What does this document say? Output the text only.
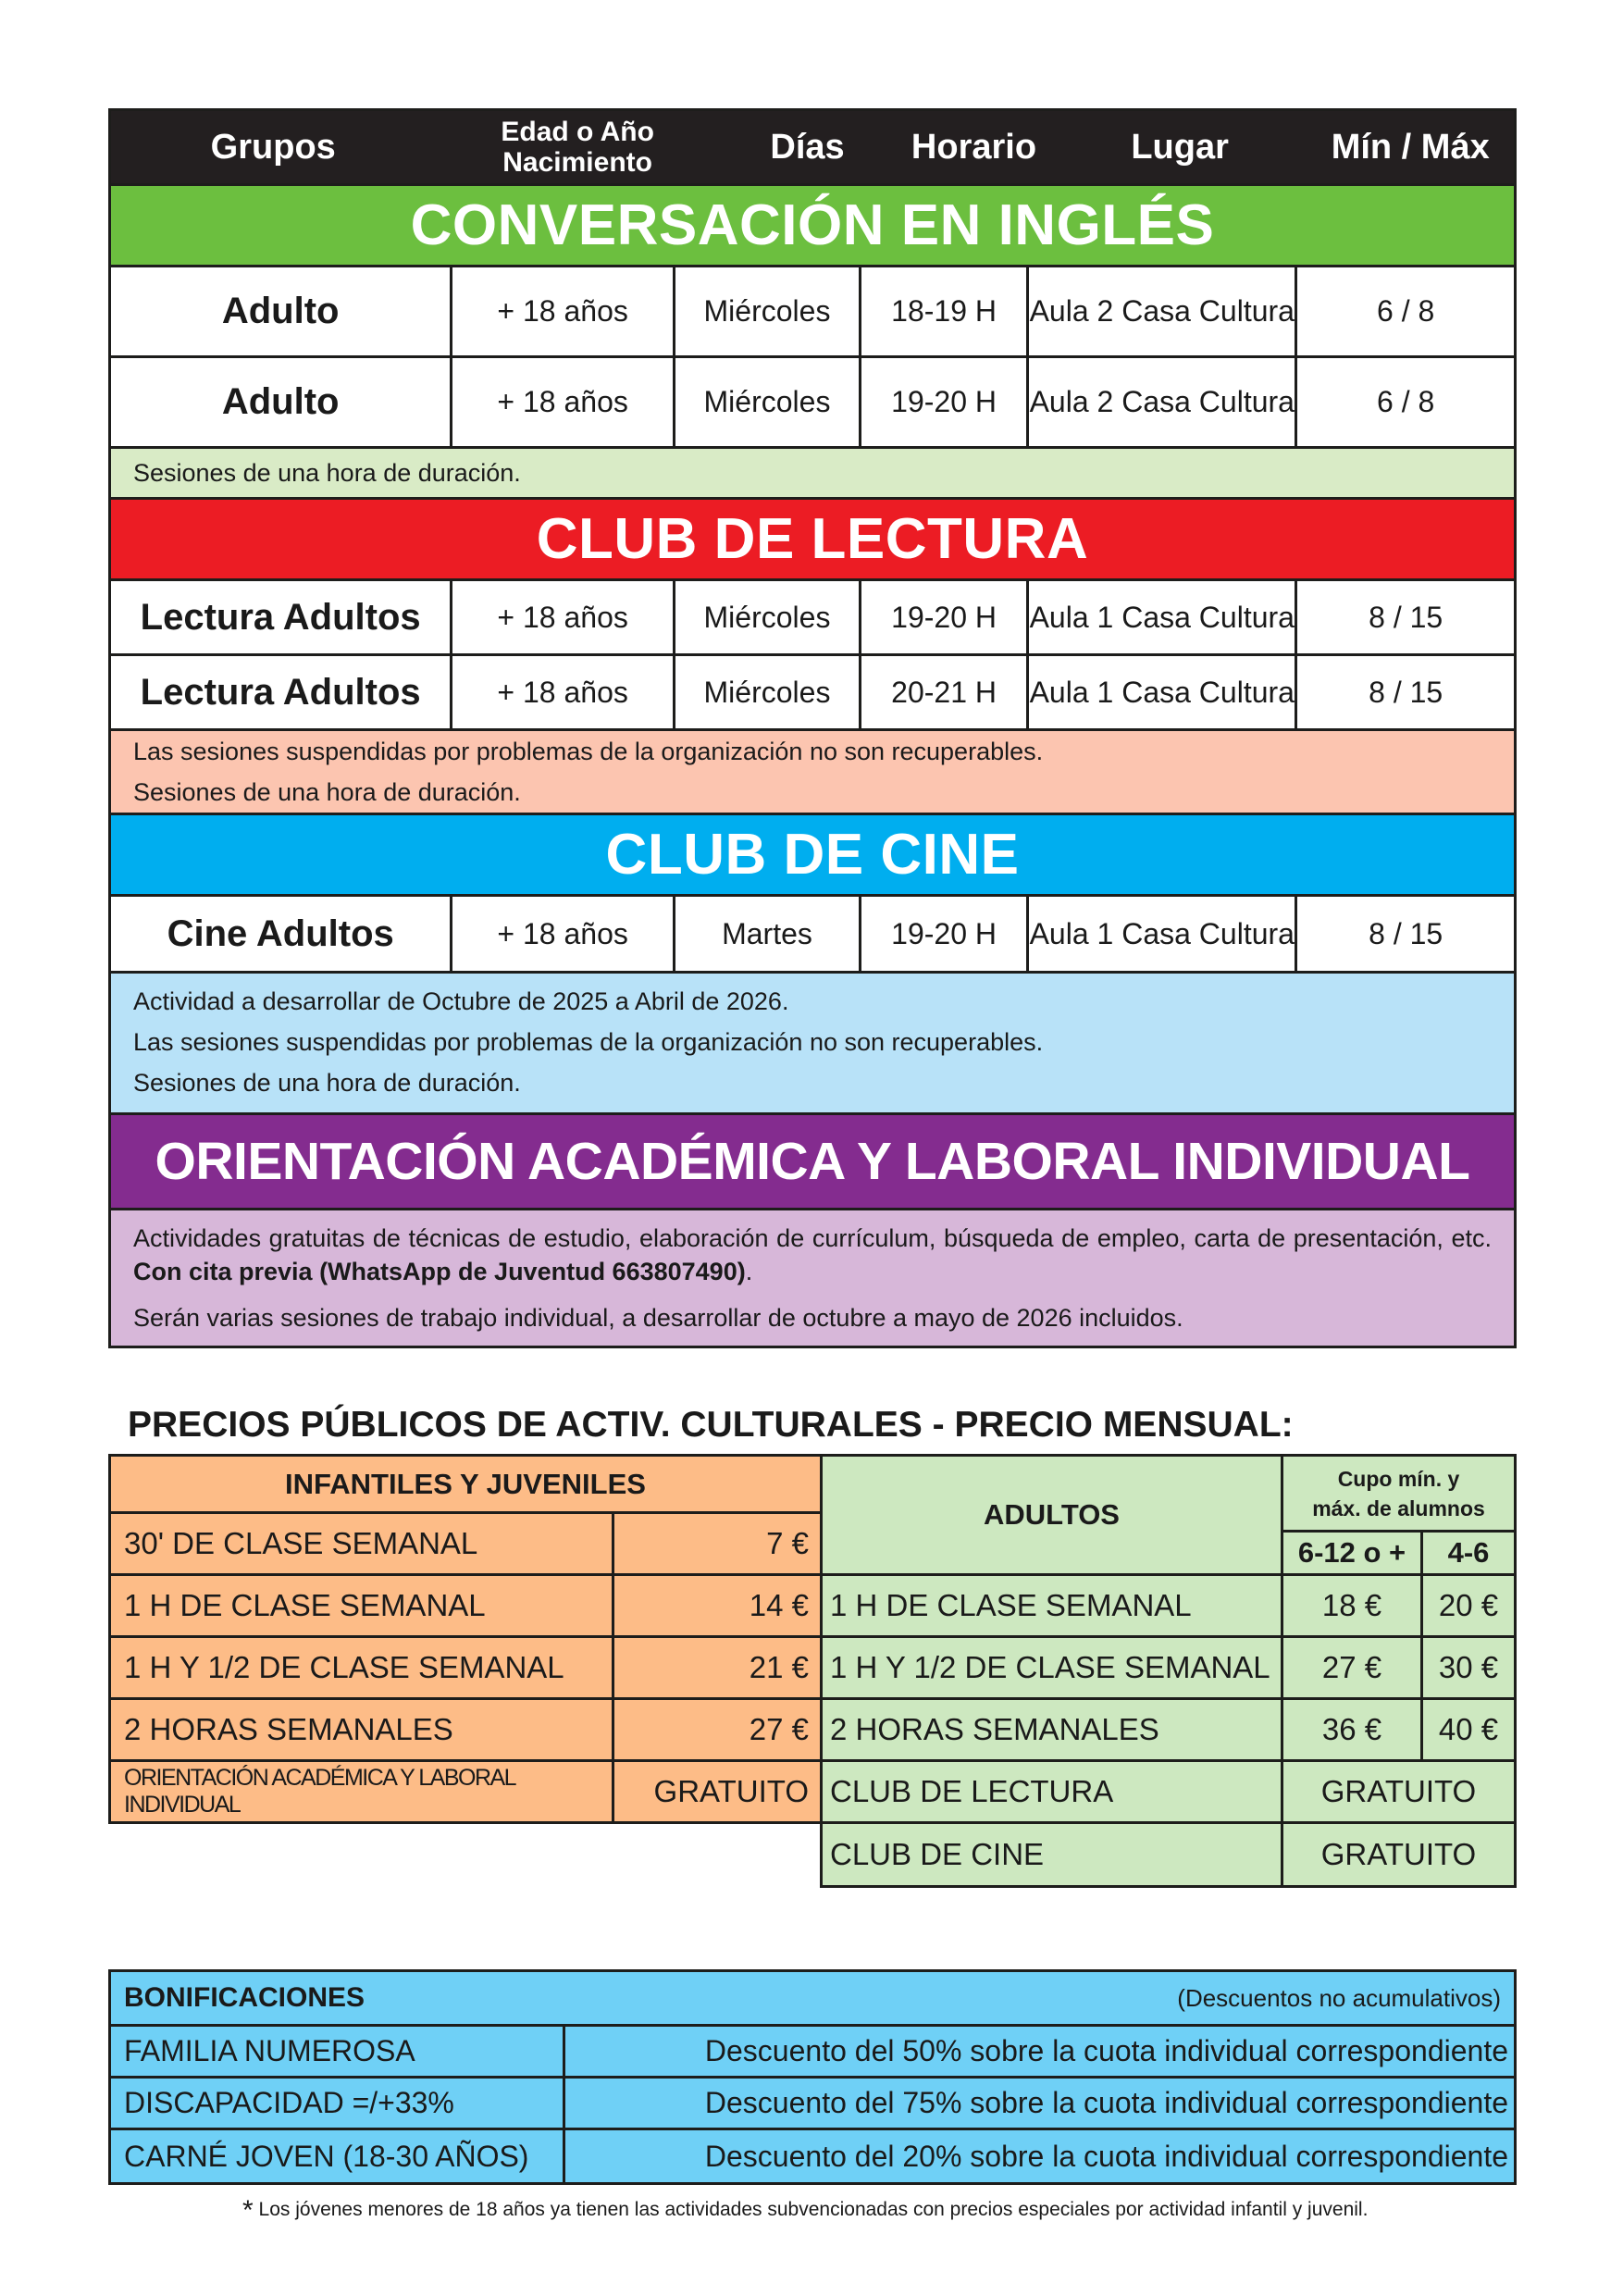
Grupos	Edad o Año Nacimiento	Días	Horario	Lugar	Mín / Máx
CONVERSACIÓN EN INGLÉS
Adulto	+ 18 años	Miércoles	18-19 H	Aula 2 Casa Cultura	6 / 8
Adulto	+ 18 años	Miércoles	19-20 H	Aula 2 Casa Cultura	6 / 8
Sesiones de una hora de duración.
CLUB DE LECTURA
Lectura Adultos	+ 18 años	Miércoles	19-20 H	Aula 1 Casa Cultura	8 / 15
Lectura Adultos	+ 18 años	Miércoles	20-21 H	Aula 1 Casa Cultura	8 / 15
Las sesiones suspendidas por problemas de la organización no son recuperables.
Sesiones de una hora de duración.
CLUB DE CINE
Cine Adultos	+ 18 años	Martes	19-20 H	Aula 1 Casa Cultura	8 / 15
Actividad a desarrollar de Octubre de 2025 a Abril de 2026.
Las sesiones suspendidas por problemas de la organización no son recuperables.
Sesiones de una hora de duración.
ORIENTACIÓN ACADÉMICA Y LABORAL INDIVIDUAL
Actividades gratuitas de técnicas de estudio, elaboración de currículum, búsqueda de empleo, carta de presentación, etc. Con cita previa (WhatsApp de Juventud 663807490).
Serán varias sesiones de trabajo individual, a desarrollar de octubre a mayo de 2026 incluidos.
PRECIOS PÚBLICOS DE ACTIV. CULTURALES - PRECIO MENSUAL:
INFANTILES Y JUVENILES
30' DE CLASE SEMANAL	7 €
1 H DE CLASE SEMANAL	14 €
1 H Y 1/2 DE CLASE SEMANAL	21 €
2 HORAS SEMANALES	27 €
ORIENTACIÓN ACADÉMICA Y LABORAL INDIVIDUAL	GRATUITO
ADULTOS
Cupo mín. y máx. de alumnos
6-12 o +	4-6
1 H DE CLASE SEMANAL	18 €	20 €
1 H Y 1/2 DE CLASE SEMANAL	27 €	30 €
2 HORAS SEMANALES	36 €	40 €
CLUB DE LECTURA	GRATUITO
CLUB DE CINE	GRATUITO
BONIFICACIONES	(Descuentos no acumulativos)
FAMILIA NUMEROSA	Descuento del 50% sobre la cuota individual correspondiente
DISCAPACIDAD =/+33%	Descuento del 75% sobre la cuota individual correspondiente
CARNÉ JOVEN (18-30 AÑOS)	Descuento del 20% sobre la cuota individual correspondiente
* Los jóvenes menores de 18 años ya tienen las actividades subvencionadas con precios especiales por actividad infantil y juvenil.
